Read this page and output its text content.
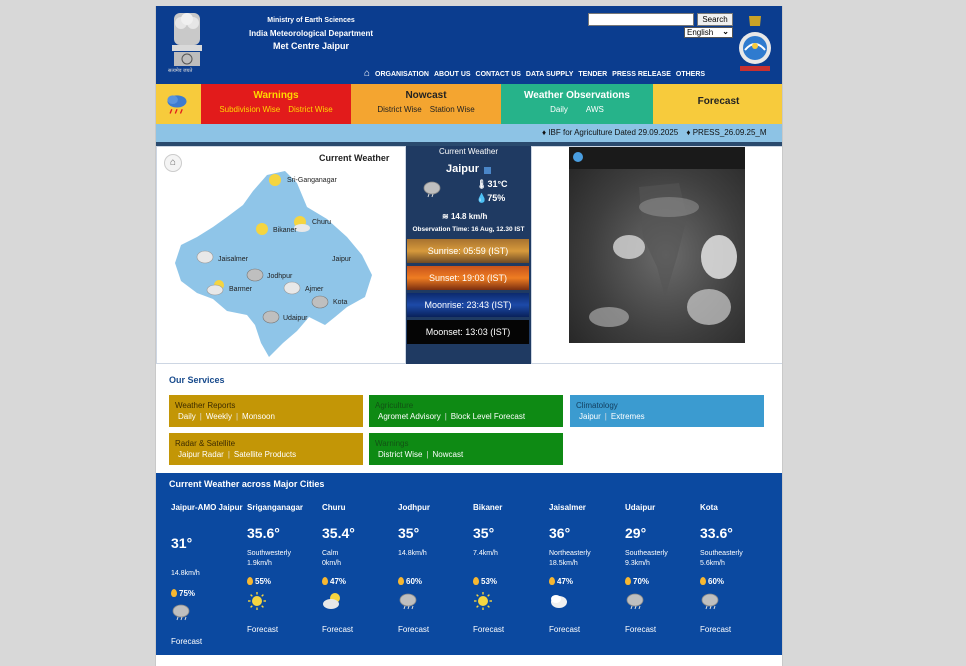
सत्यमेव जयते
Ministry of Earth Sciences
India Meteorological Department
Met Centre Jaipur
Search
English ⌄
⌂ ORGANISATION ABOUT US CONTACT US DATA SUPPLY TENDER PRESS RELEASE OTHERS
Warnings
Subdivision Wise District Wise
Nowcast
District Wise Station Wise
Weather Observations
Daily AWS
Forecast
♦ IBF for Agriculture Dated 29.09.2025 ♦ PRESS_26.09.25_M
⌂	Current Weather
Sri-Ganganagar
Churu
Bikaner
Jaisalmer	Jaipur
Jodhpur
Ajmer
Barmer
Kota
Udaipur
Current Weather
Jaipur
🌡31°C
💧75%
≋ 14.8 km/h
Observation Time: 16 Aug, 12.30 IST
Sunrise: 05:59 (IST)
Sunset: 19:03 (IST)
Moonrise: 23:43 (IST)
Moonset: 13:03 (IST)
Our Services
Weather Reports
Daily | Weekly | Monsoon
Agriculture
Agromet Advisory | Block Level Forecast
Climatology
Jaipur | Extremes
Radar & Satellite
Jaipur Radar | Satellite Products
Warnings
District Wise | Nowcast
Current Weather across Major Cities
Jaipur-AMO Jaipur
31°
14.8km/h
75%
Forecast
Sriganganagar
35.6°
Southwesterly
1.9km/h
55%
Forecast
Churu
35.4°
Calm
0km/h
47%
Forecast
Jodhpur
35°
14.8km/h
60%
Forecast
Bikaner
35°
7.4km/h
53%
Forecast
Jaisalmer
36°
Northeasterly
18.5km/h
47%
Forecast
Udaipur
29°
Southeasterly
9.3km/h
70%
Forecast
Kota
33.6°
Southeasterly
5.6km/h
60%
Forecast
